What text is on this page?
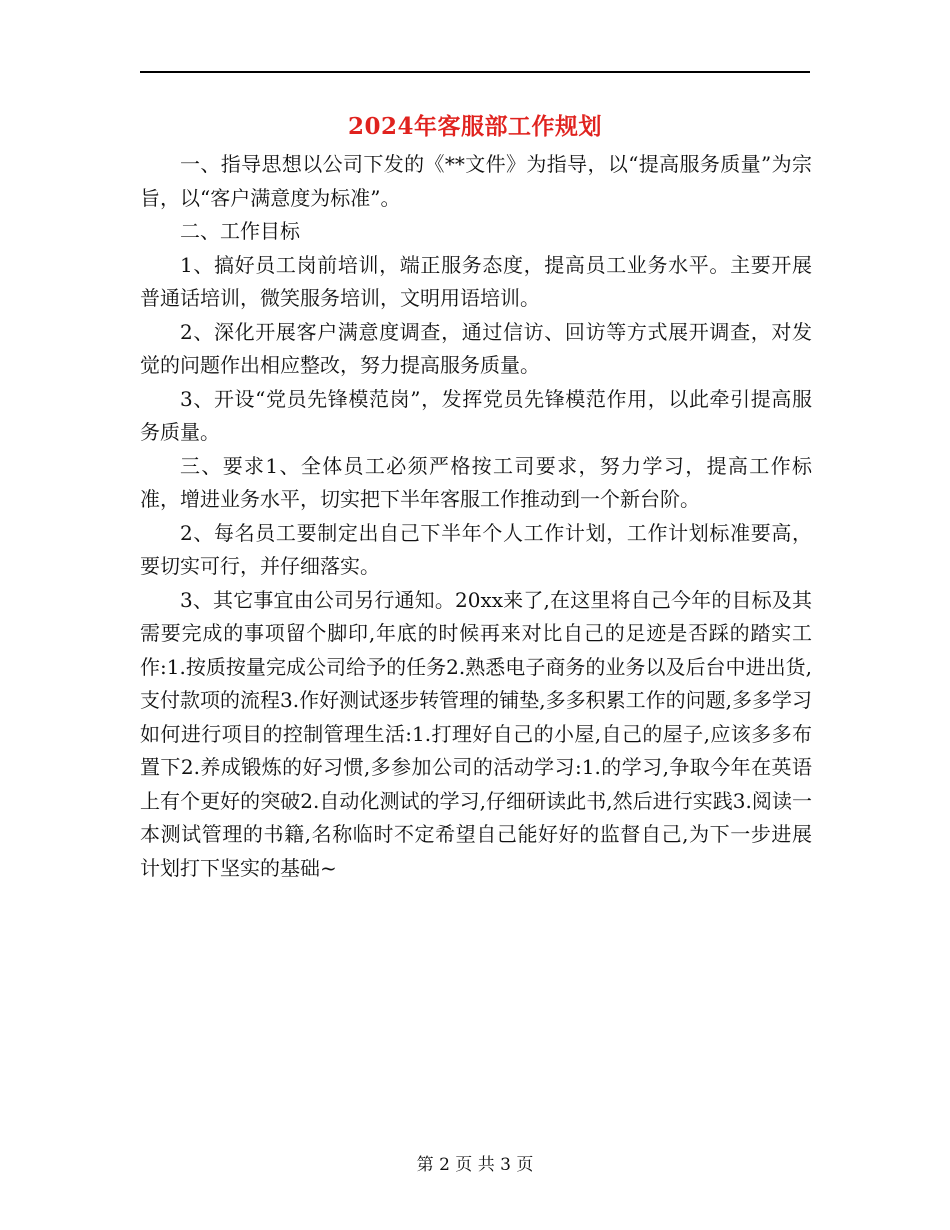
2024年客服部工作规划

一、指导思想以公司下发的《**文件》为指导，以“提高服务质量”为宗旨，以“客户满意度为标准”。

二、工作目标

1、搞好员工岗前培训，端正服务态度，提高员工业务水平。主要开展普通话培训，微笑服务培训，文明用语培训。

2、深化开展客户满意度调查，通过信访、回访等方式展开调查，对发觉的问题作出相应整改，努力提高服务质量。

3、开设“党员先锋模范岗”，发挥党员先锋模范作用，以此牵引提高服务质量。

三、要求1、全体员工必须严格按工司要求，努力学习，提高工作标准，增进业务水平，切实把下半年客服工作推动到一个新台阶。

2、每名员工要制定出自己下半年个人工作计划，工作计划标准要高，要切实可行，并仔细落实。

3、其它事宜由公司另行通知。20xx来了,在这里将自己今年的目标及其需要完成的事项留个脚印,年底的时候再来对比自己的足迹是否踩的踏实工作:1.按质按量完成公司给予的任务2.熟悉电子商务的业务以及后台中进出货,支付款项的流程3.作好测试逐步转管理的铺垫,多多积累工作的问题,多多学习如何进行项目的控制管理生活:1.打理好自己的小屋,自己的屋子,应该多多布置下2.养成锻炼的好习惯,多参加公司的活动学习:1.的学习,争取今年在英语上有个更好的突破2.自动化测试的学习,仔细研读此书,然后进行实践3.阅读一本测试管理的书籍,名称临时不定希望自己能好好的监督自己,为下一步进展计划打下坚实的基础~

第 2 页 共 3 页
